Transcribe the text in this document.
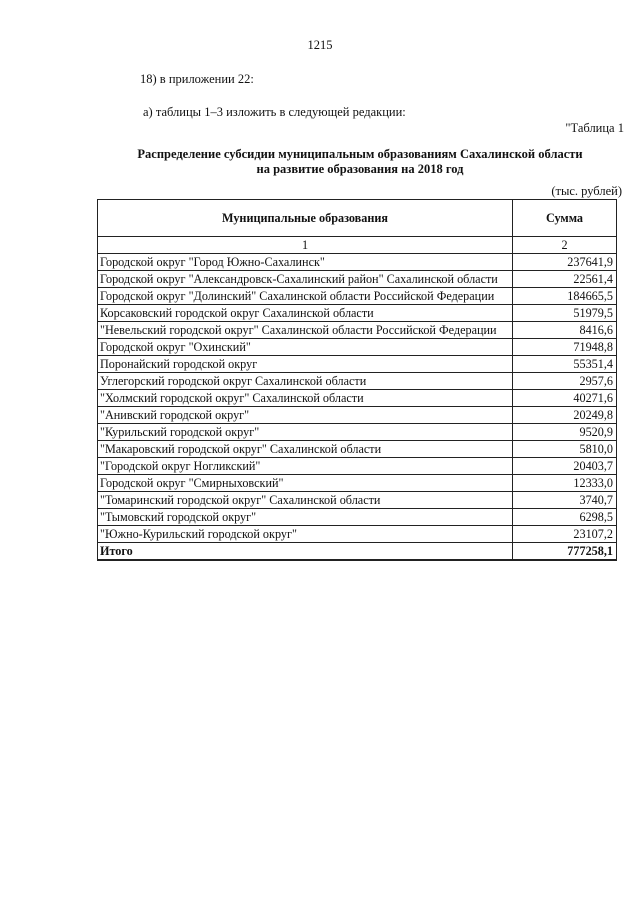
1215
18) в приложении 22:
а) таблицы 1–3 изложить в следующей редакции:
"Таблица 1
Распределение субсидии муниципальным образованиям Сахалинской области
на развитие образования на 2018 год
(тыс. рублей)
Муниципальные образования	Сумма
1	2
Городской округ "Город Южно-Сахалинск"	237641,9
Городской округ "Александровск-Сахалинский район" Сахалинской области	22561,4
Городской округ "Долинский" Сахалинской области Российской Федерации	184665,5
Корсаковский городской округ Сахалинской области	51979,5
"Невельский городской округ" Сахалинской области Российской Федерации	8416,6
Городской округ "Охинский"	71948,8
Поронайский городской округ	55351,4
Углегорский городской округ Сахалинской области	2957,6
"Холмский городской округ" Сахалинской области	40271,6
"Анивский городской округ"	20249,8
"Курильский городской округ"	9520,9
"Макаровский городской округ" Сахалинской области	5810,0
"Городской округ Ногликский"	20403,7
Городской округ "Смирныховский"	12333,0
"Томаринский городской округ" Сахалинской области	3740,7
"Тымовский городской округ"	6298,5
"Южно-Курильский городской округ"	23107,2
Итого	777258,1
